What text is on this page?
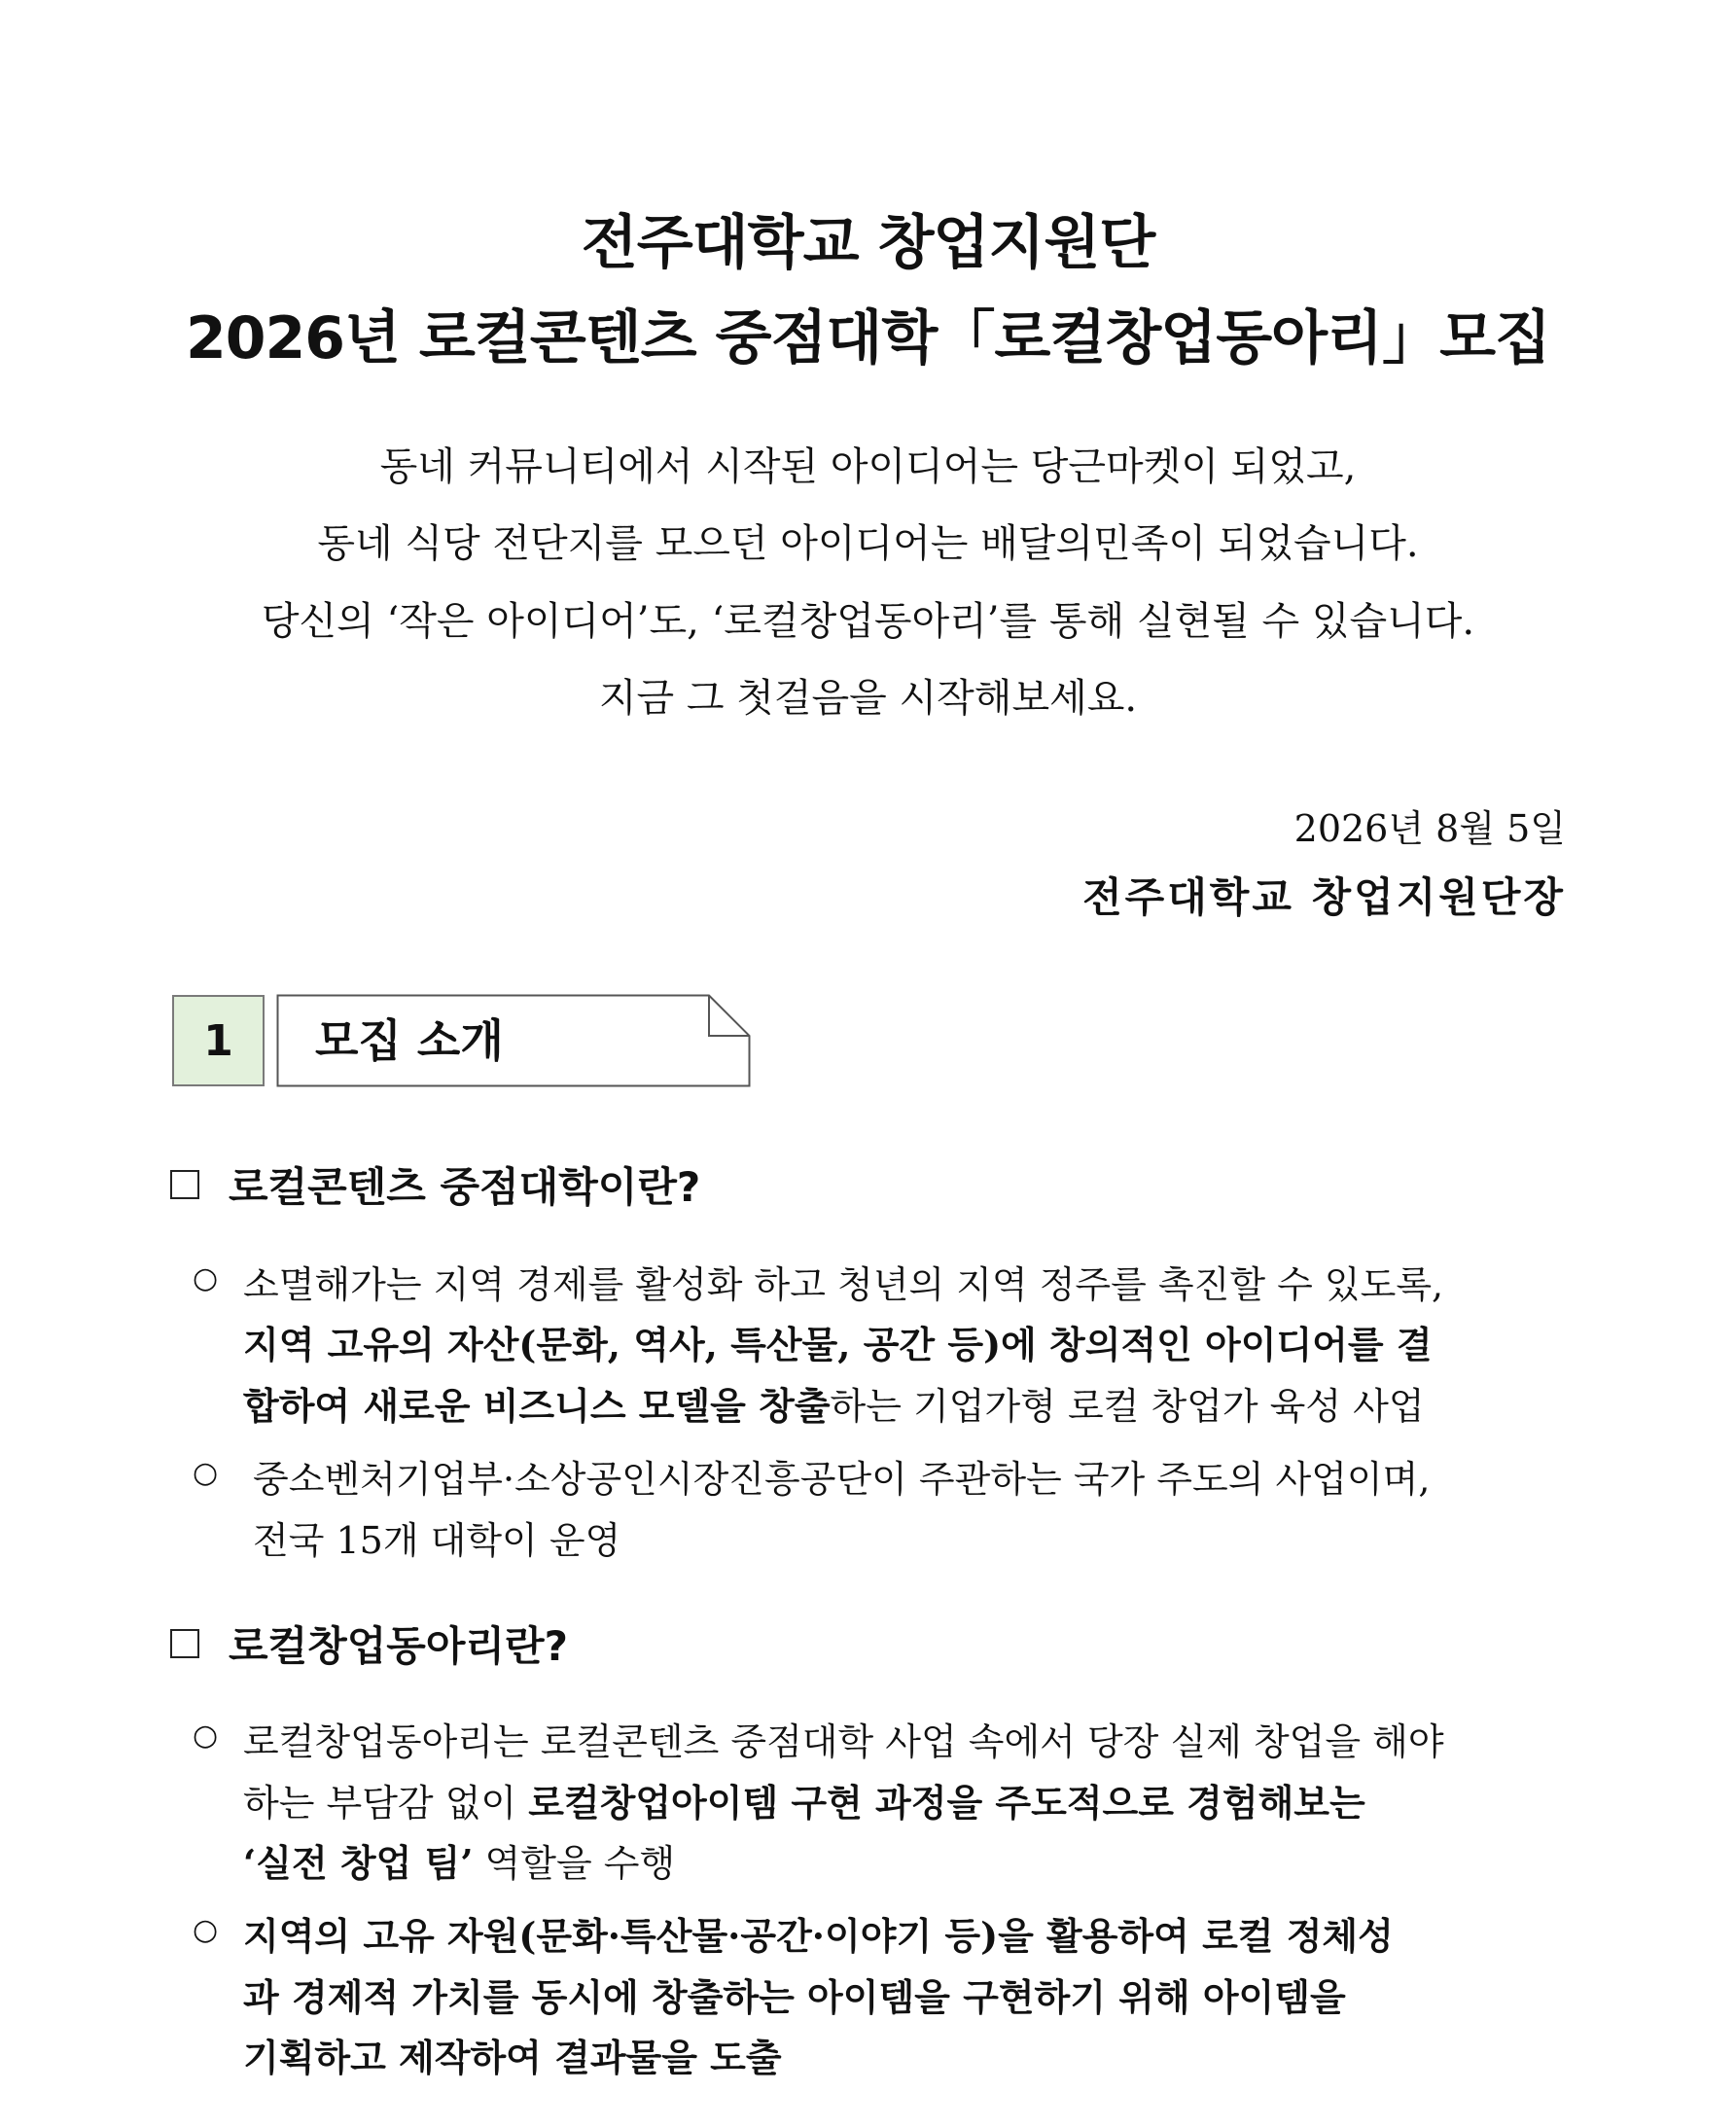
전주대학교 창업지원단
2026년 로컬콘텐츠 중점대학「로컬창업동아리」모집
동네 커뮤니티에서 시작된 아이디어는 당근마켓이 되었고,
동네 식당 전단지를 모으던 아이디어는 배달의민족이 되었습니다.
당신의 ‘작은 아이디어’도, ‘로컬창업동아리’를 통해 실현될 수 있습니다.
지금 그 첫걸음을 시작해보세요.
2026년 8월 5일
전주대학교 창업지원단장
1	모집 소개
로컬콘텐츠 중점대학이란?
○ 소멸해가는 지역 경제를 활성화 하고 청년의 지역 정주를 촉진할 수 있도록,
지역 고유의 자산(문화, 역사, 특산물, 공간 등)에 창의적인 아이디어를 결
합하여 새로운 비즈니스 모델을 창출하는 기업가형 로컬 창업가 육성 사업
○ 중소벤처기업부·소상공인시장진흥공단이 주관하는 국가 주도의 사업이며,
전국 15개 대학이 운영
로컬창업동아리란?
○ 로컬창업동아리는 로컬콘텐츠 중점대학 사업 속에서 당장 실제 창업을 해야
하는 부담감 없이 로컬창업아이템 구현 과정을 주도적으로 경험해보는
‘실전 창업 팀’ 역할을 수행
○ 지역의 고유 자원(문화·특산물·공간·이야기 등)을 활용하여 로컬 정체성
과 경제적 가치를 동시에 창출하는 아이템을 구현하기 위해 아이템을
기획하고 제작하여 결과물을 도출
